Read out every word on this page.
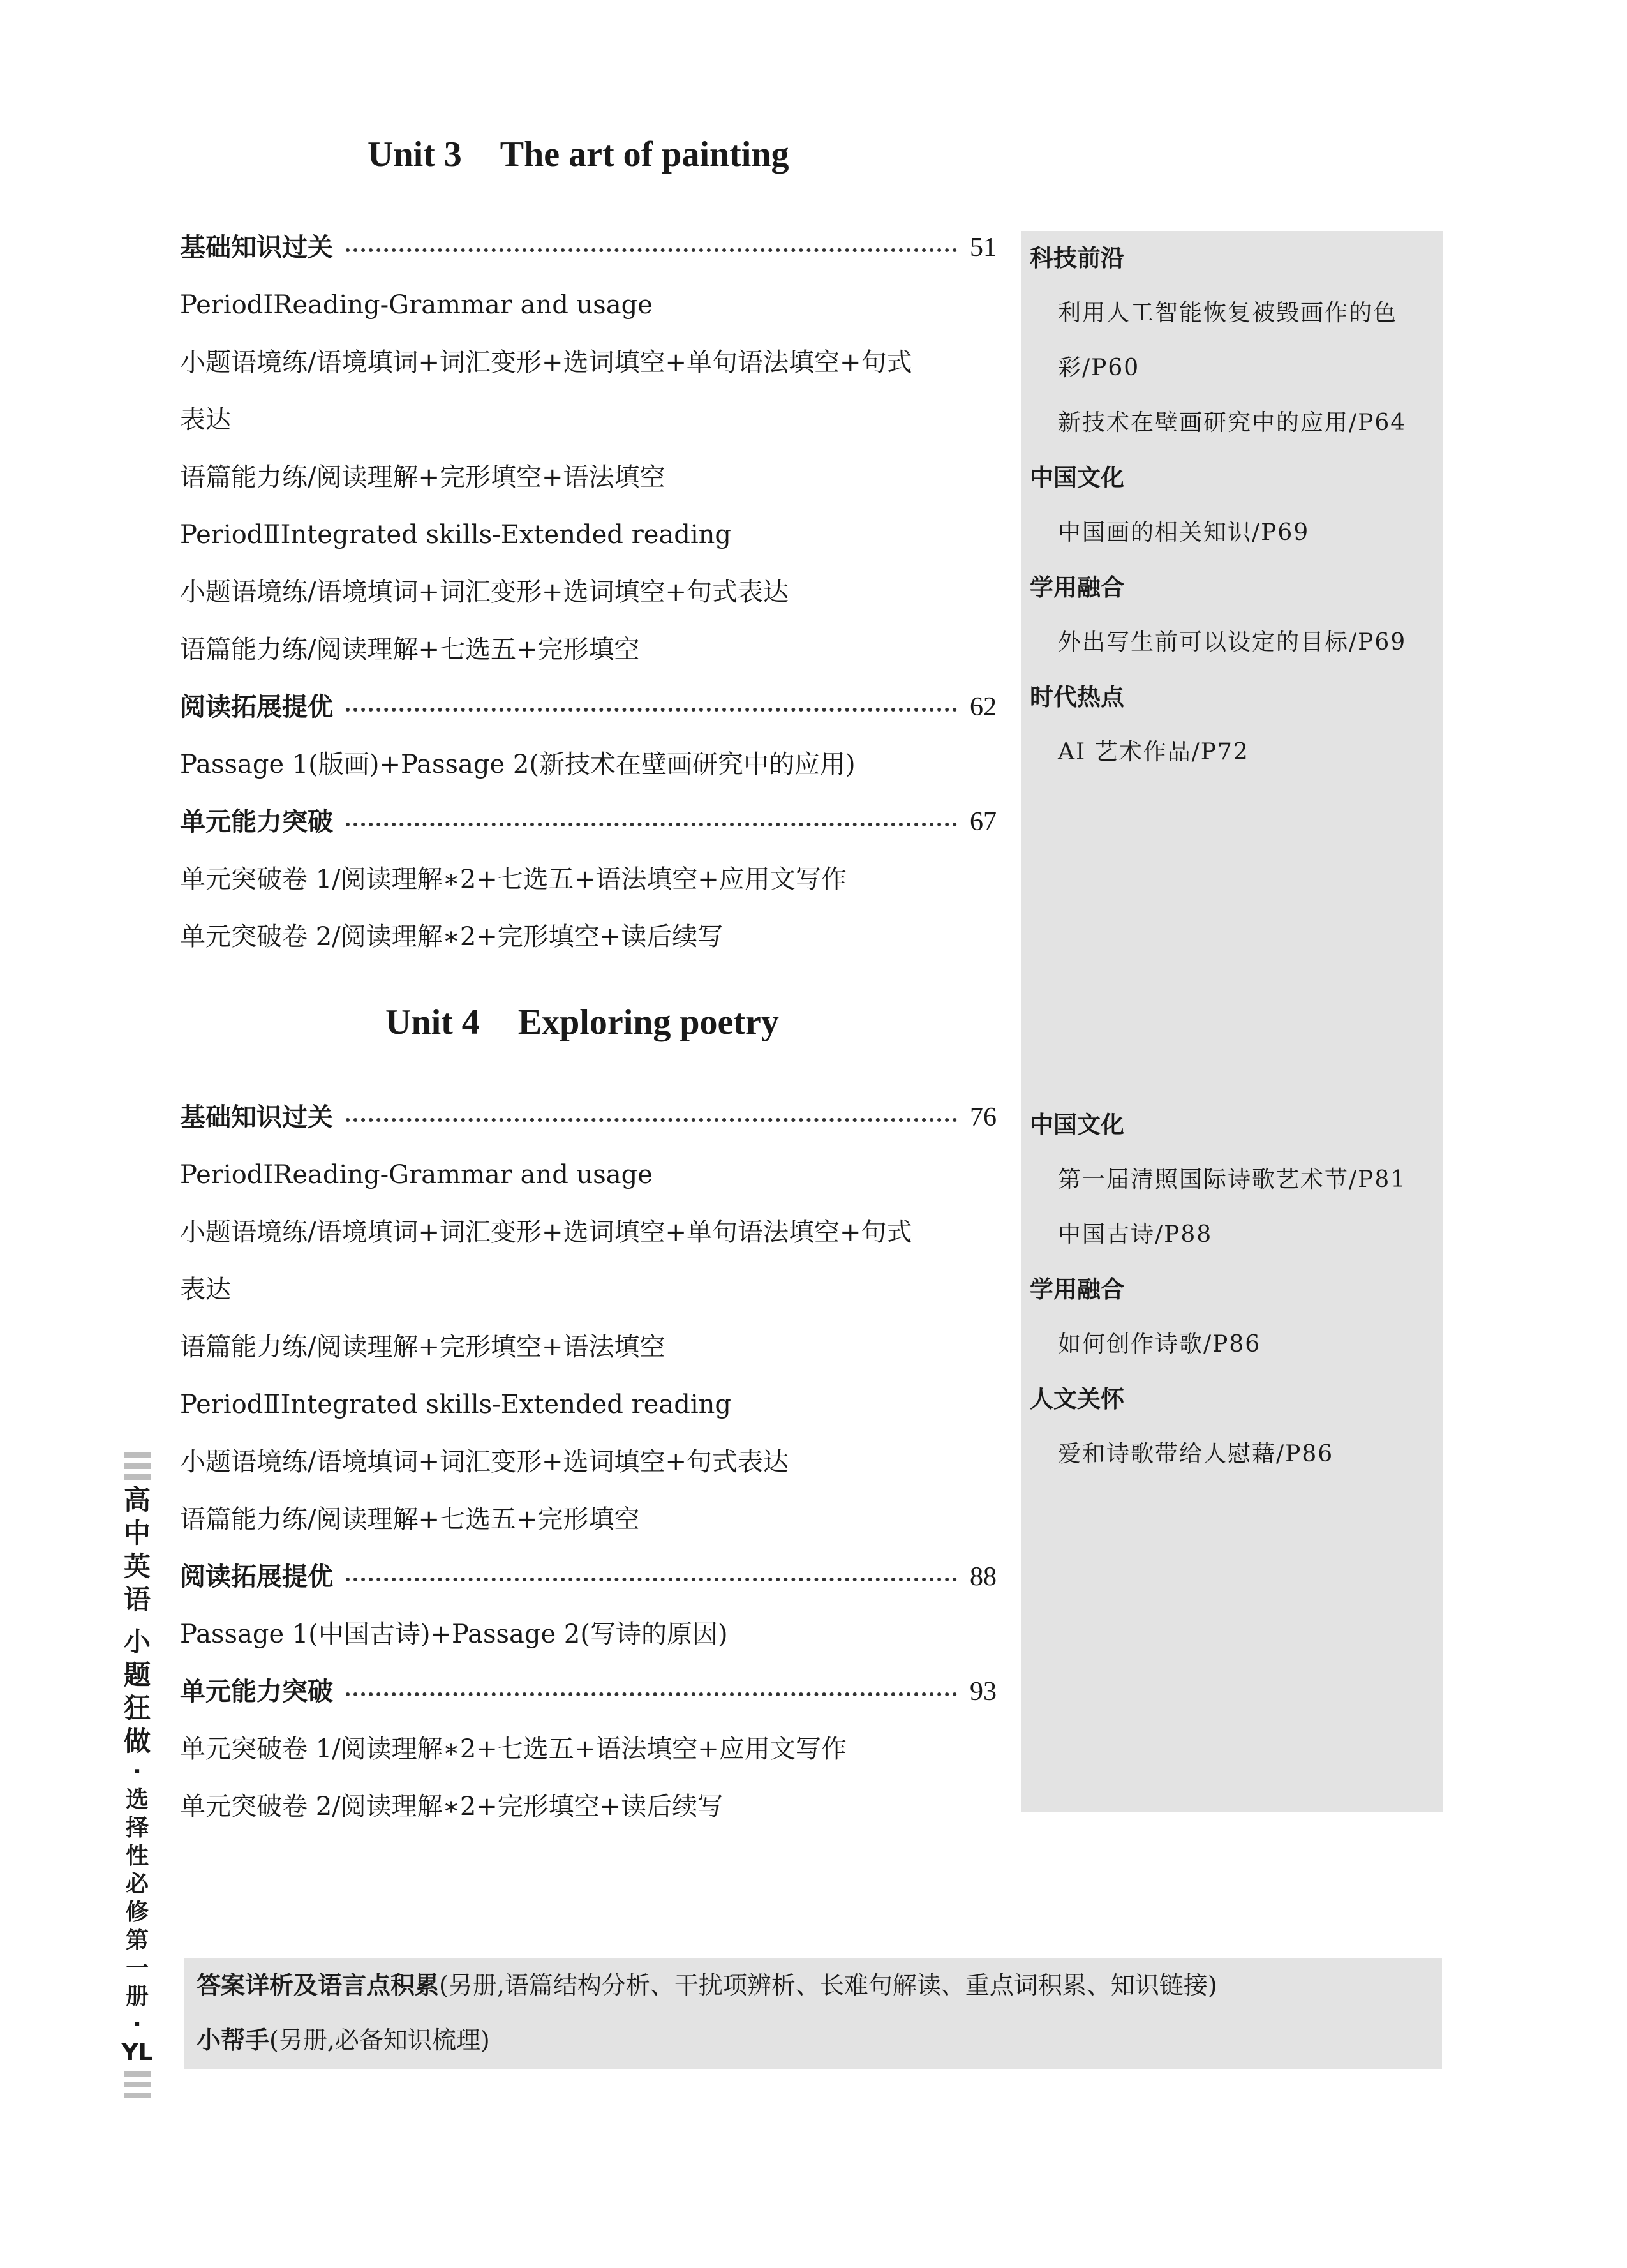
Unit 3 The art of painting
基础知识过关	51
PeriodⅠReading-Grammar and usage
小题语境练/语境填词+词汇变形+选词填空+单句语法填空+句式
表达
语篇能力练/阅读理解+完形填空+语法填空
PeriodⅡIntegrated skills-Extended reading
小题语境练/语境填词+词汇变形+选词填空+句式表达
语篇能力练/阅读理解+七选五+完形填空
阅读拓展提优	62
Passage 1(版画)+Passage 2(新技术在壁画研究中的应用)
单元能力突破	67
单元突破卷 1/阅读理解∗2+七选五+语法填空+应用文写作
单元突破卷 2/阅读理解∗2+完形填空+读后续写
科技前沿
利用人工智能恢复被毁画作的色
彩/P60
新技术在壁画研究中的应用/P64
中国文化
中国画的相关知识/P69
学用融合
外出写生前可以设定的目标/P69
时代热点
AI 艺术作品/P72
中国文化
第一届清照国际诗歌艺术节/P81
中国古诗/P88
学用融合
如何创作诗歌/P86
人文关怀
爱和诗歌带给人慰藉/P86
Unit 4 Exploring poetry
基础知识过关	76
PeriodⅠReading-Grammar and usage
小题语境练/语境填词+词汇变形+选词填空+单句语法填空+句式
表达
语篇能力练/阅读理解+完形填空+语法填空
PeriodⅡIntegrated skills-Extended reading
小题语境练/语境填词+词汇变形+选词填空+句式表达
语篇能力练/阅读理解+七选五+完形填空
阅读拓展提优	88
Passage 1(中国古诗)+Passage 2(写诗的原因)
单元能力突破	93
单元突破卷 1/阅读理解∗2+七选五+语法填空+应用文写作
单元突破卷 2/阅读理解∗2+完形填空+读后续写
答案详析及语言点积累(另册,语篇结构分析、干扰项辨析、长难句解读、重点词积累、知识链接)
小帮手(另册,必备知识梳理)
高中英语
小题狂做
·
选择性必修第一册
·
YL
